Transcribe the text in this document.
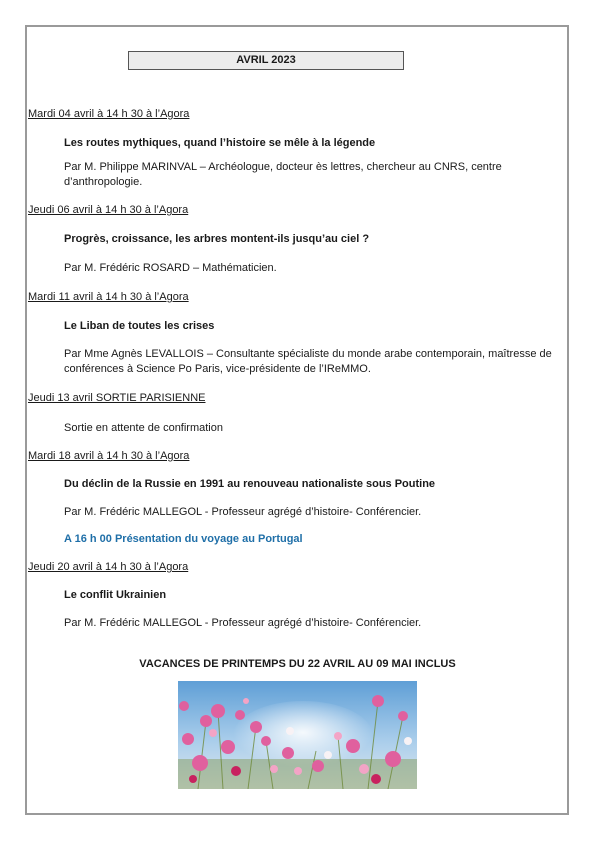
AVRIL 2023
Mardi 04 avril à 14 h 30 à l’Agora
Les routes mythiques, quand l’histoire se mêle à la légende
Par M. Philippe MARINVAL – Archéologue, docteur ès lettres, chercheur au CNRS, centre d’anthropologie.
Jeudi 06 avril à 14 h 30 à l’Agora
Progrès, croissance, les arbres montent-ils jusqu’au ciel ?
Par M. Frédéric ROSARD – Mathématicien.
Mardi 11 avril à 14 h 30 à l’Agora
Le Liban de toutes les crises
Par Mme Agnès LEVALLOIS – Consultante spécialiste du monde arabe contemporain, maîtresse de conférences à Science Po Paris, vice-présidente de l’IReMMO.
Jeudi 13 avril SORTIE PARISIENNE
Sortie en attente de confirmation
Mardi 18 avril à 14 h 30 à l’Agora
Du déclin de la Russie en 1991 au renouveau nationaliste sous Poutine
Par M. Frédéric MALLEGOL - Professeur agrégé d’histoire- Conférencier.
A 16 h 00 Présentation du voyage au Portugal
Jeudi 20 avril à 14 h 30 à l’Agora
Le conflit Ukrainien
Par M. Frédéric MALLEGOL - Professeur agrégé d’histoire- Conférencier.
VACANCES DE PRINTEMPS DU 22 AVRIL AU 09 MAI INCLUS
